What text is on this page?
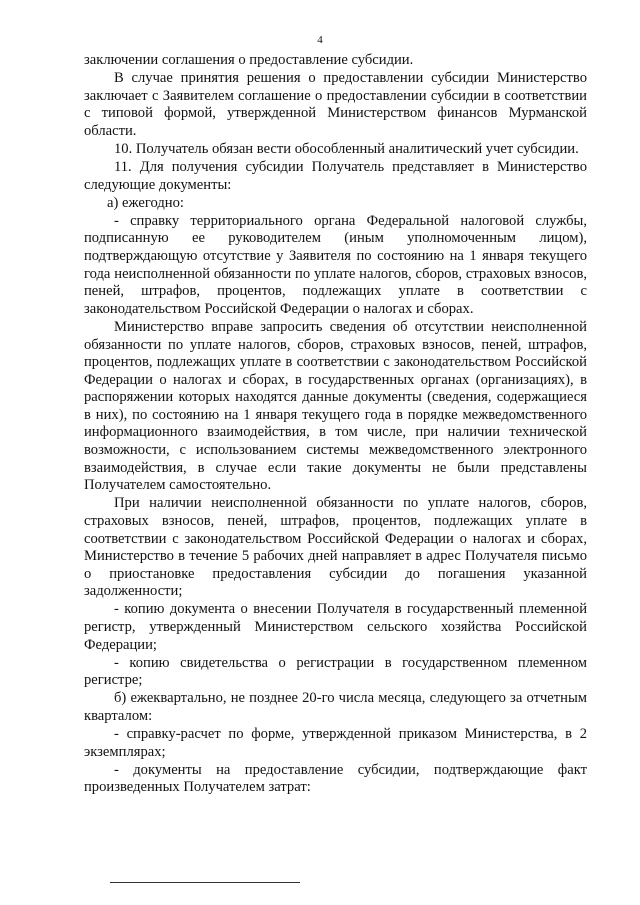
4

заключении соглашения о предоставление субсидии.

В случае принятия решения о предоставлении субсидии Министерство заключает с Заявителем соглашение о предоставлении субсидии в соответствии с типовой формой, утвержденной Министерством финансов Мурманской области.

10. Получатель обязан вести обособленный аналитический учет субсидии.

11. Для получения субсидии Получатель представляет в Министерство следующие документы:

а) ежегодно:

- справку территориального органа Федеральной налоговой службы, подписанную ее руководителем (иным уполномоченным лицом), подтверждающую отсутствие у Заявителя по состоянию на 1 января текущего года неисполненной обязанности по уплате налогов, сборов, страховых взносов, пеней, штрафов, процентов, подлежащих уплате в соответствии с законодательством Российской Федерации о налогах и сборах.

Министерство вправе запросить сведения об отсутствии неисполненной обязанности по уплате налогов, сборов, страховых взносов, пеней, штрафов, процентов, подлежащих уплате в соответствии с законодательством Российской Федерации о налогах и сборах, в государственных органах (организациях), в распоряжении которых находятся данные документы (сведения, содержащиеся в них), по состоянию на 1 января текущего года в порядке межведомственного информационного взаимодействия, в том числе, при наличии технической возможности, с использованием системы межведомственного электронного взаимодействия, в случае если такие документы не были представлены Получателем самостоятельно.

При наличии неисполненной обязанности по уплате налогов, сборов, страховых взносов, пеней, штрафов, процентов, подлежащих уплате в соответствии с законодательством Российской Федерации о налогах и сборах, Министерство в течение 5 рабочих дней направляет в адрес Получателя письмо о приостановке предоставления субсидии до погашения указанной задолженности;

- копию документа о внесении Получателя в государственный племенной регистр, утвержденный Министерством сельского хозяйства Российской Федерации;

- копию свидетельства о регистрации в государственном племенном регистре;

б) ежеквартально, не позднее 20-го числа месяца, следующего за отчетным кварталом:

- справку-расчет по форме, утвержденной приказом Министерства, в 2 экземплярах;

- документы на предоставление субсидии, подтверждающие факт произведенных Получателем затрат:
